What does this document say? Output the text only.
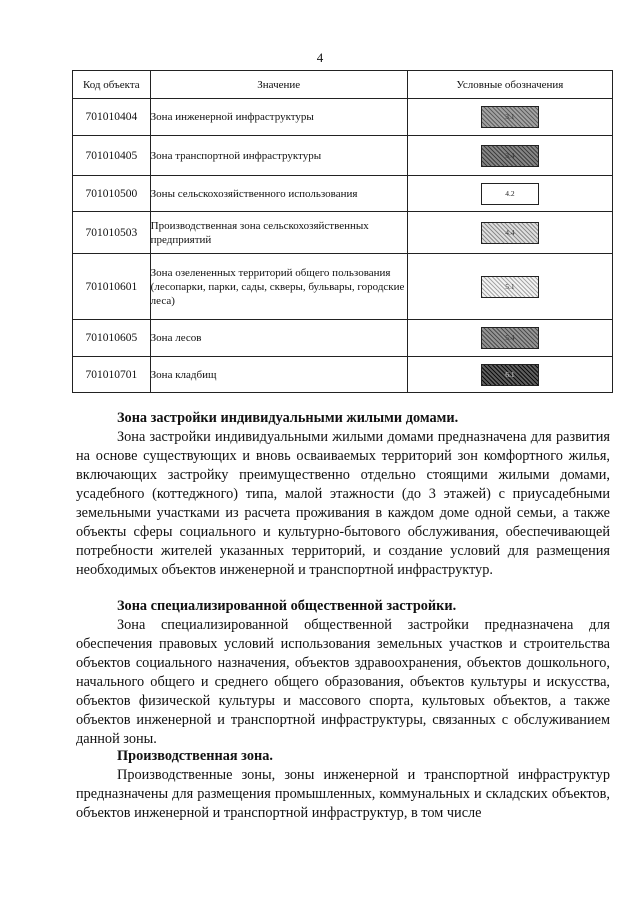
4
Код объекта	Значение	Условные обозначения
701010404	Зона инженерной инфраструктуры	3.1
701010405	Зона транспортной инфраструктуры	3.4
701010500	Зоны сельскохозяйственного использования	4.2
701010503	Производственная зона сельскохозяйственных предприятий	4.4
701010601	Зона озелененных территорий общего пользования (лесопарки, парки, сады, скверы, бульвары, городские леса)	5.1
701010605	Зона лесов	5.4
701010701	Зона кладбищ	6.1
Зона застройки индивидуальными жилыми домами.

Зона застройки индивидуальными жилыми домами предназначена для развития на основе существующих и вновь осваиваемых территорий зон комфортного жилья, включающих застройку преимущественно отдельно стоящими жилыми домами, усадебного (коттеджного) типа, малой этажности (до 3 этажей) с приусадебными земельными участками из расчета проживания в каждом доме одной семьи, а также объекты сферы социального и культурно-бытового обслуживания, обеспечивающей потребности жителей указанных территорий, и создание условий для размещения необходимых объектов инженерной и транспортной инфраструктур.

Зона специализированной общественной застройки.

Зона специализированной общественной застройки предназначена для обеспечения правовых условий использования земельных участков и строительства объектов социального назначения, объектов здравоохранения, объектов дошкольного, начального общего и среднего общего образования, объектов культуры и искусства, объектов физической культуры и массового спорта, культовых объектов, а также объектов инженерной и транспортной инфраструктуры, связанных с обслуживанием данной зоны.

Производственная зона.

Производственные зоны, зоны инженерной и транспортной инфраструктур предназначены для размещения промышленных, коммунальных и складских объектов, объектов инженерной и транспортной инфраструктур, в том числе
